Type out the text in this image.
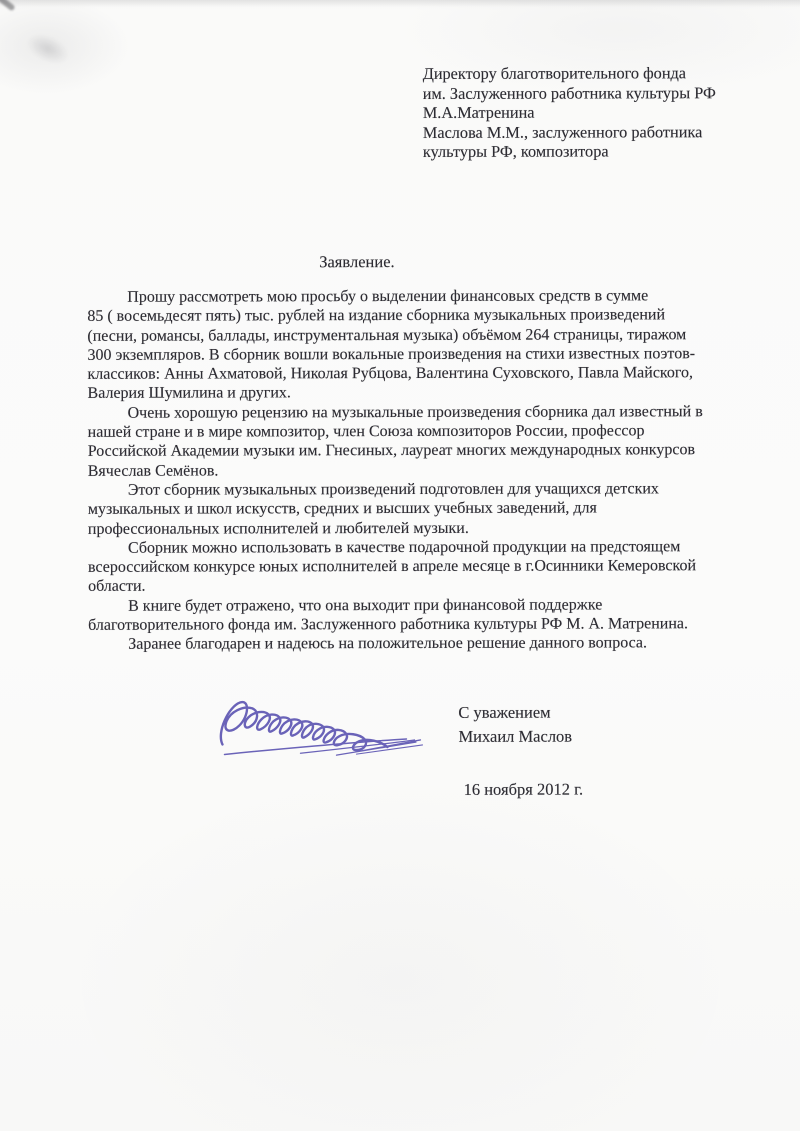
Директору благотворительного фонда
им. Заслуженного работника культуры РФ
М.А.Матренина
Маслова М.М., заслуженного работника
культуры РФ, композитора
Заявление.

Прошу рассмотреть мою просьбу о выделении финансовых средств в сумме
85 ( восемьдесят пять) тыс. рублей на издание сборника музыкальных произведений
(песни, романсы, баллады, инструментальная музыка) объёмом 264 страницы, тиражом
300 экземпляров. В сборник вошли вокальные произведения на стихи известных поэтов-
классиков: Анны Ахматовой, Николая Рубцова, Валентина Суховского, Павла Майского,
Валерия Шумилина и других.

Очень хорошую рецензию на музыкальные произведения сборника дал известный в
нашей стране и в мире композитор, член Союза композиторов России, профессор
Российской Академии музыки им. Гнесиных, лауреат многих международных конкурсов
Вячеслав Семёнов.

Этот сборник музыкальных произведений подготовлен для учащихся детских
музыкальных и школ искусств, средних и высших учебных заведений, для
профессиональных исполнителей и любителей музыки.

Сборник можно использовать в качестве подарочной продукции на предстоящем
всероссийском конкурсе юных исполнителей в апреле месяце в г.Осинники Кемеровской
области.

В книге будет отражено, что она выходит при финансовой поддержке
благотворительного фонда им. Заслуженного работника культуры РФ М. А. Матренина.

Заранее благодарен и надеюсь на положительное решение данного вопроса.

С уважением
Михаил Маслов
16 ноября 2012 г.
